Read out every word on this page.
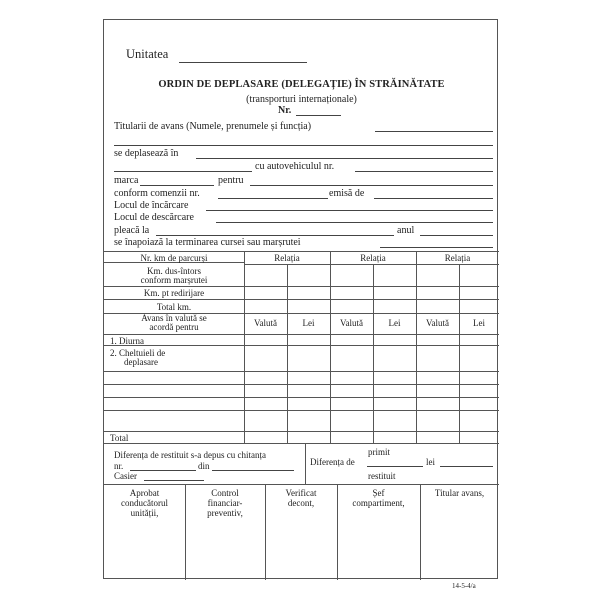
Unitatea
ORDIN DE DEPLASARE (DELEGAȚIE) ÎN STRĂINĂTATE
(transporturi internaționale)
Nr.
Titularii de avans (Numele, prenumele și funcția)
se deplasează în
cu autovehiculul nr.
marca	pentru
conform comenzii nr.	emisă de
Locul de încărcare
Locul de descărcare
pleacă la	anul
se înapoiază la terminarea cursei sau marșrutei
Nr. km de parcurși	Relația	Relația	Relația
Km. dus-întors
conform marșrutei
Km. pt redirijare
Total km.
Avans în valută se
acordă pentru	Valută	Lei	Valută	Lei	Valută	Lei
1. Diurna
2. Cheltuieli de
deplasare
Total
Diferența de restituit s-a depus cu chitanța
nr.	din
Casier
primit
Diferența de	lei
restituit
Aprobat
conducătorul
unității,
Control
financiar-
preventiv,
Verificat
decont,
Șef
compartiment,
Titular avans,
14-5-4/a
